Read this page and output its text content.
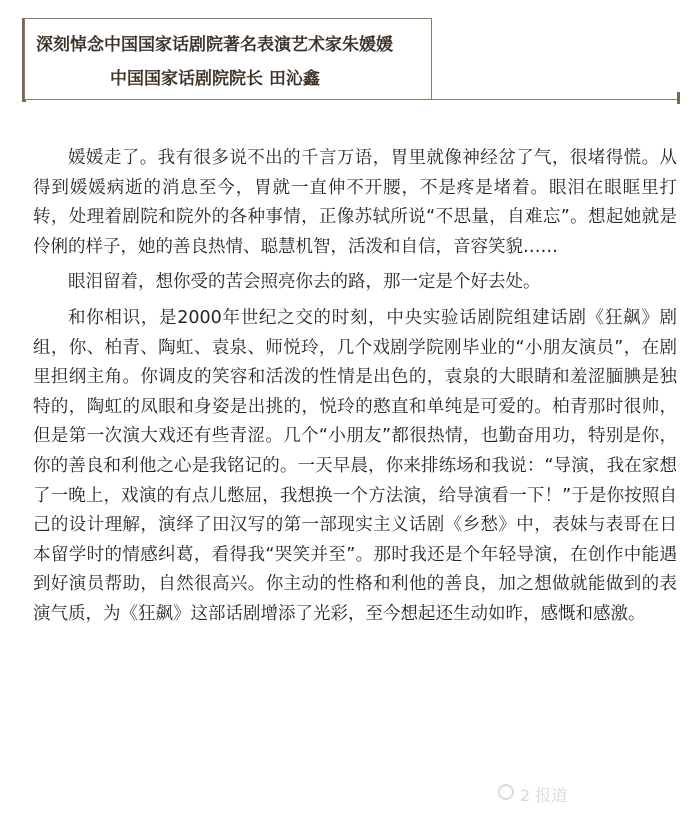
深刻悼念中国国家话剧院著名表演艺术家朱媛媛
中国国家话剧院院长 田沁鑫

媛媛走了。我有很多说不出的千言万语，胃里就像神经岔了气，很堵得慌。从得到媛媛病逝的消息至今，胃就一直伸不开腰，不是疼是堵着。眼泪在眼眶里打转，处理着剧院和院外的各种事情，正像苏轼所说“不思量，自难忘”。想起她就是伶俐的样子，她的善良热情、聪慧机智，活泼和自信，音容笑貌……

眼泪留着，想你受的苦会照亮你去的路，那一定是个好去处。

和你相识，是2000年世纪之交的时刻，中央实验话剧院组建话剧《狂飙》剧组，你、柏青、陶虹、袁泉、师悦玲，几个戏剧学院刚毕业的“小朋友演员”，在剧里担纲主角。你调皮的笑容和活泼的性情是出色的，袁泉的大眼睛和羞涩腼腆是独特的，陶虹的凤眼和身姿是出挑的，悦玲的憨直和单纯是可爱的。柏青那时很帅，但是第一次演大戏还有些青涩。几个“小朋友”都很热情，也勤奋用功，特别是你，你的善良和利他之心是我铭记的。一天早晨，你来排练场和我说：“导演，我在家想了一晚上，戏演的有点儿憋屈，我想换一个方法演，给导演看一下！”于是你按照自己的设计理解，演绎了田汉写的第一部现实主义话剧《乡愁》中，表妹与表哥在日本留学时的情感纠葛，看得我“哭笑并至”。那时我还是个年轻导演，在创作中能遇到好演员帮助，自然很高兴。你主动的性格和利他的善良，加之想做就能做到的表演气质，为《狂飙》这部话剧增添了光彩，至今想起还生动如昨，感慨和感激。

2 报道
